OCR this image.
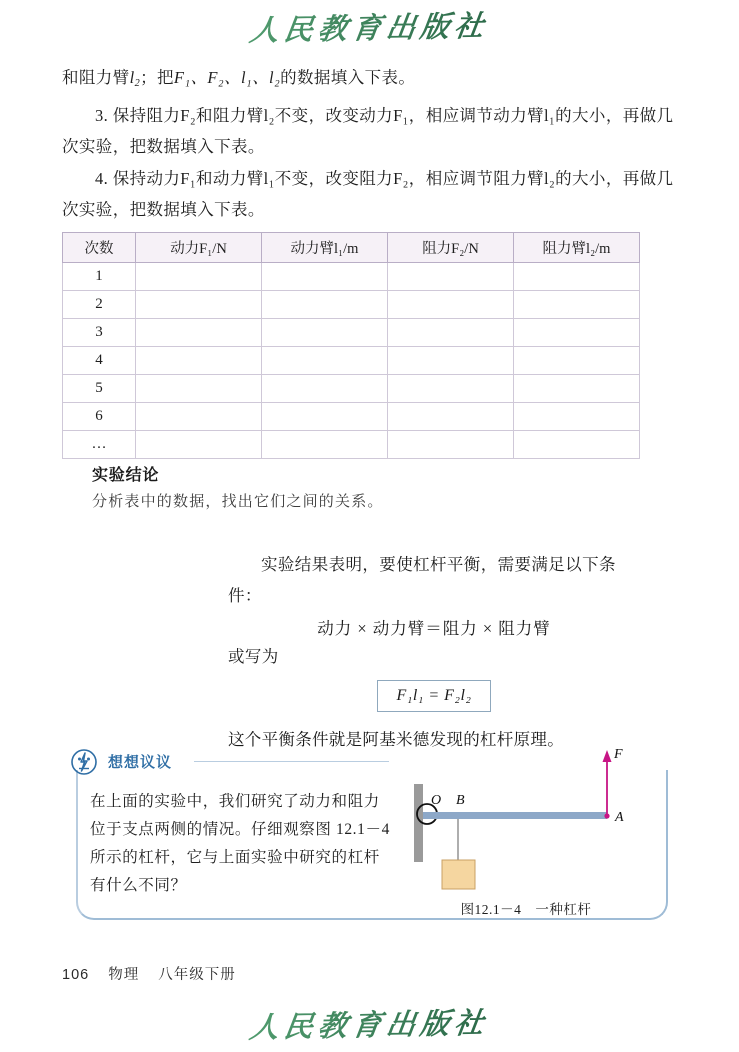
人民教育出版社

和阻力臂$l_2$；把F₁、F₂、l₁、l₂的数据填入下表。

3. 保持阻力F₂和阻力臂l₂不变，改变动力F₁，相应调节动力臂l₁的大小，再做几次实验，把数据填入下表。

4. 保持动力F₁和动力臂l₁不变，改变阻力F₂，相应调节阻力臂l₂的大小，再做几次实验，把数据填入下表。

次数	动力F₁/N	动力臂l₁/m	阻力F₂/N	阻力臂l₂/m
1				
2				
3				
4				
5				
6				
…				
实验结论
分析表中的数据，找出它们之间的关系。

实验结果表明，要使杠杆平衡，需要满足以下条件：

动力 × 动力臂＝阻力 × 阻力臂
或写为
F₁l₁ = F₂l₂
这个平衡条件就是阿基米德发现的杠杆原理。
想想议议
在上面的实验中，我们研究了动力和阻力位于支点两侧的情况。仔细观察图 12.1－4所示的杠杆，它与上面实验中研究的杠杆有什么不同？
O B
A
F
图12.1－4　一种杠杆
106 物理 八年级下册
人民教育出版社
